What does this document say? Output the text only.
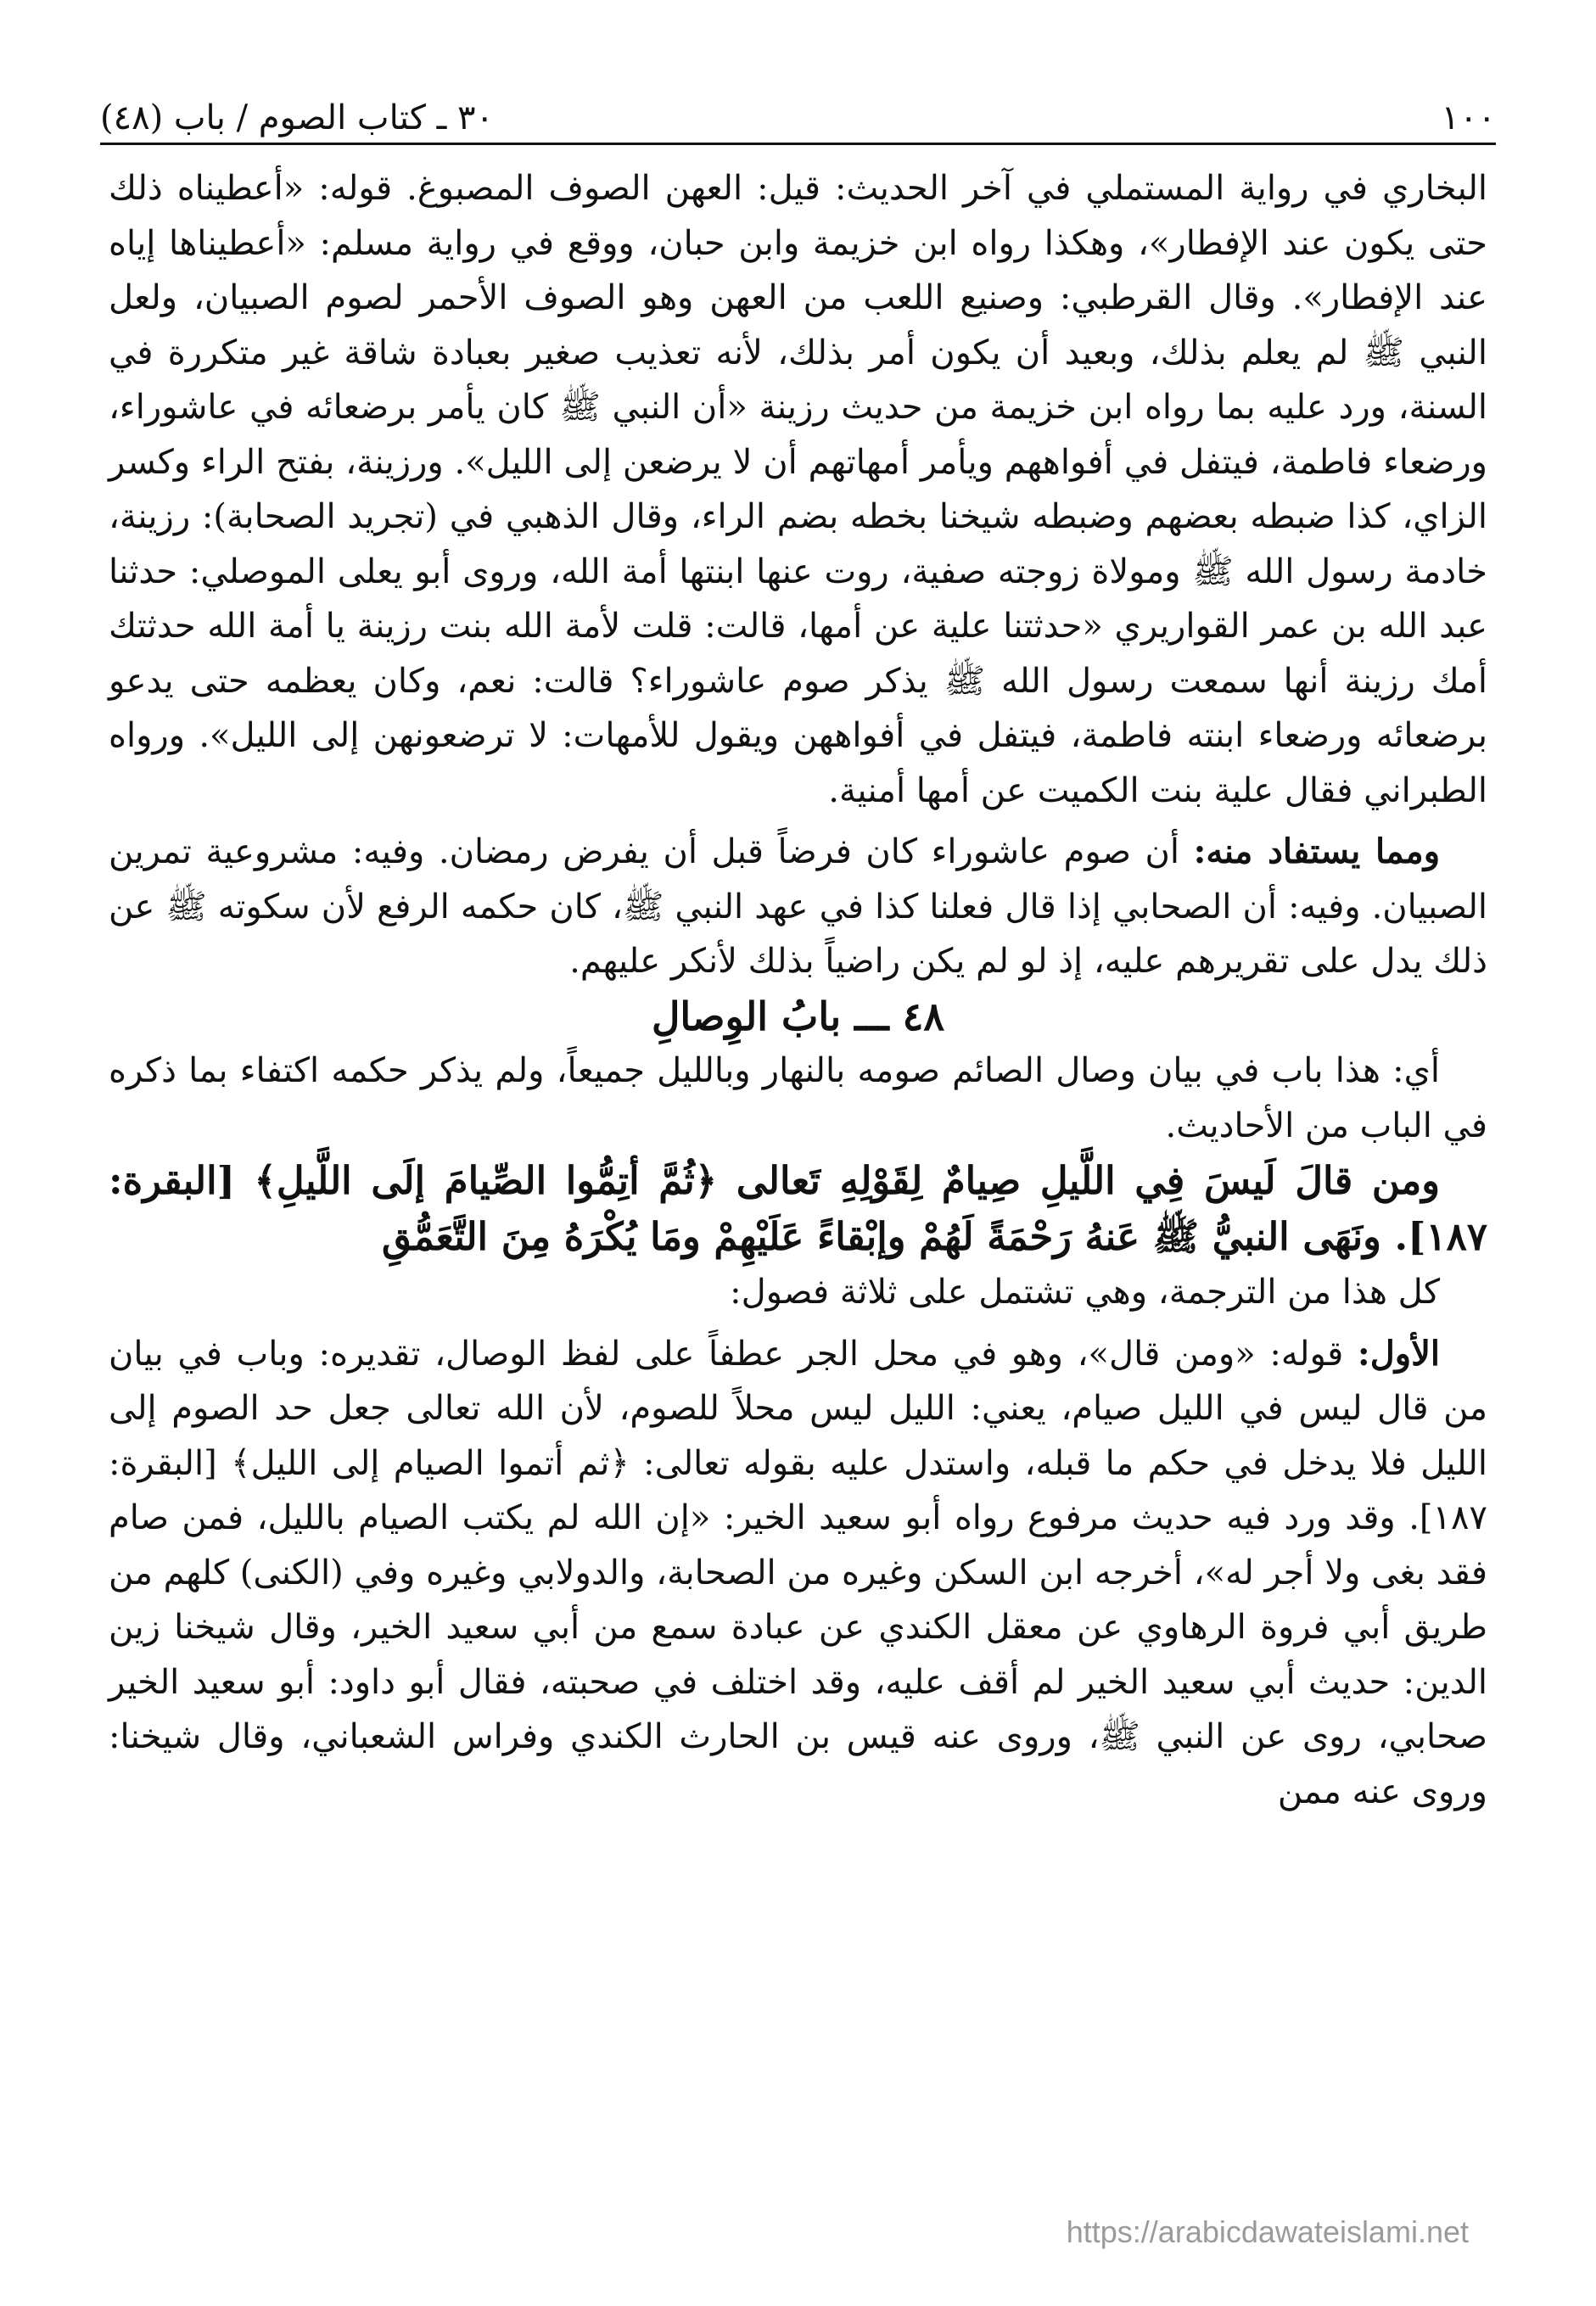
١٠٠
٣٠ ـ كتاب الصوم / باب (٤٨)

البخاري في رواية المستملي في آخر الحديث: قيل: العهن الصوف المصبوغ. قوله: «أعطيناه ذلك حتى يكون عند الإفطار»، وهكذا رواه ابن خزيمة وابن حبان، ووقع في رواية مسلم: «أعطيناها إياه عند الإفطار». وقال القرطبي: وصنيع اللعب من العهن وهو الصوف الأحمر لصوم الصبيان، ولعل النبي ﷺ لم يعلم بذلك، وبعيد أن يكون أمر بذلك، لأنه تعذيب صغير بعبادة شاقة غير متكررة في السنة، ورد عليه بما رواه ابن خزيمة من حديث رزينة «أن النبي ﷺ كان يأمر برضعائه في عاشوراء، ورضعاء فاطمة، فيتفل في أفواههم ويأمر أمهاتهم أن لا يرضعن إلى الليل». ورزينة، بفتح الراء وكسر الزاي، كذا ضبطه بعضهم وضبطه شيخنا بخطه بضم الراء، وقال الذهبي في (تجريد الصحابة): رزينة، خادمة رسول الله ﷺ ومولاة زوجته صفية، روت عنها ابنتها أمة الله، وروى أبو يعلى الموصلي: حدثنا عبد الله بن عمر القواريري «حدثتنا علية عن أمها، قالت: قلت لأمة الله بنت رزينة يا أمة الله حدثتك أمك رزينة أنها سمعت رسول الله ﷺ يذكر صوم عاشوراء؟ قالت: نعم، وكان يعظمه حتى يدعو برضعائه ورضعاء ابنته فاطمة، فيتفل في أفواههن ويقول للأمهات: لا ترضعونهن إلى الليل». ورواه الطبراني فقال علية بنت الكميت عن أمها أمنية.

ومما يستفاد منه: أن صوم عاشوراء كان فرضاً قبل أن يفرض رمضان. وفيه: مشروعية تمرين الصبيان. وفيه: أن الصحابي إذا قال فعلنا كذا في عهد النبي ﷺ، كان حكمه الرفع لأن سكوته ﷺ عن ذلك يدل على تقريرهم عليه، إذ لو لم يكن راضياً بذلك لأنكر عليهم.

٤٨ ـــ بابُ الوِصالِ

أي: هذا باب في بيان وصال الصائم صومه بالنهار وبالليل جميعاً، ولم يذكر حكمه اكتفاء بما ذكره في الباب من الأحاديث.

ومن قالَ لَيسَ فِي اللَّيلِ صِيامٌ لِقَوْلِهِ تَعالى ﴿ثُمَّ أتِمُّوا الصِّيامَ إلَى اللَّيلِ﴾ [البقرة: ١٨٧]. ونَهَى النبيُّ ﷺ عَنهُ رَحْمَةً لَهُمْ وإبْقاءً عَلَيْهِمْ ومَا يُكْرَهُ مِنَ التَّعَمُّقِ

كل هذا من الترجمة، وهي تشتمل على ثلاثة فصول:

الأول: قوله: «ومن قال»، وهو في محل الجر عطفاً على لفظ الوصال، تقديره: وباب في بيان من قال ليس في الليل صيام، يعني: الليل ليس محلاً للصوم، لأن الله تعالى جعل حد الصوم إلى الليل فلا يدخل في حكم ما قبله، واستدل عليه بقوله تعالى: ﴿ثم أتموا الصيام إلى الليل﴾ [البقرة: ١٨٧]. وقد ورد فيه حديث مرفوع رواه أبو سعيد الخير: «إن الله لم يكتب الصيام بالليل، فمن صام فقد بغى ولا أجر له»، أخرجه ابن السكن وغيره من الصحابة، والدولابي وغيره وفي (الكنى) كلهم من طريق أبي فروة الرهاوي عن معقل الكندي عن عبادة سمع من أبي سعيد الخير، وقال شيخنا زين الدين: حديث أبي سعيد الخير لم أقف عليه، وقد اختلف في صحبته، فقال أبو داود: أبو سعيد الخير صحابي، روى عن النبي ﷺ، وروى عنه قيس بن الحارث الكندي وفراس الشعباني، وقال شيخنا: وروى عنه ممن

https://arabicdawateislami.net
